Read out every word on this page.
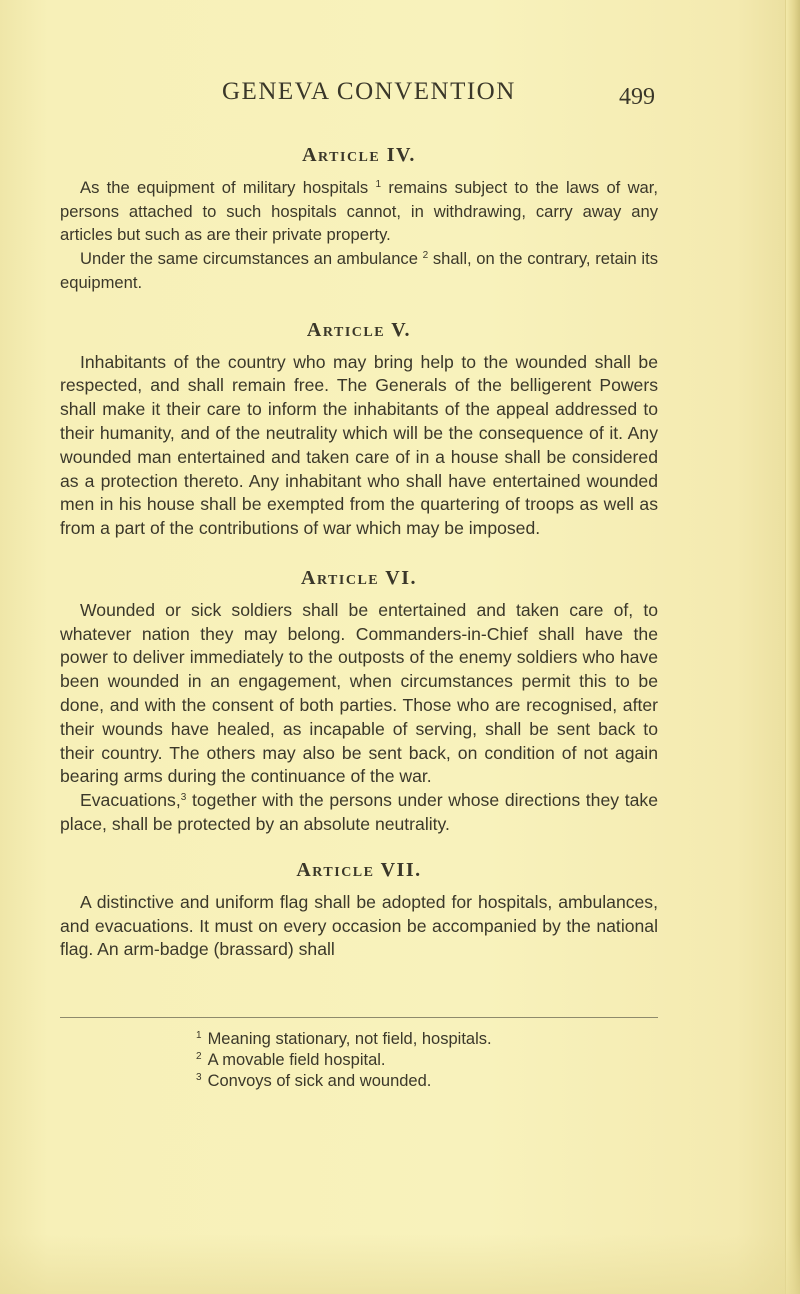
GENEVA CONVENTION	499
Article IV.

As the equipment of military hospitals $^1$ remains subject to the laws of war, persons attached to such hospitals cannot, in withdrawing, carry away any articles but such as are their private property.

Under the same circumstances an ambulance $^2$ shall, on the contrary, retain its equipment.

Article V.

Inhabitants of the country who may bring help to the wounded shall be respected, and shall remain free. The Generals of the belligerent Powers shall make it their care to inform the inhabitants of the appeal addressed to their humanity, and of the neutrality which will be the consequence of it. Any wounded man entertained and taken care of in a house shall be considered as a protection thereto. Any inhabitant who shall have entertained wounded men in his house shall be exempted from the quartering of troops as well as from a part of the contributions of war which may be imposed.

Article VI.

Wounded or sick soldiers shall be entertained and taken care of, to whatever nation they may belong. Commanders-in-Chief shall have the power to deliver immediately to the outposts of the enemy soldiers who have been wounded in an engagement, when circumstances permit this to be done, and with the consent of both parties. Those who are recognised, after their wounds have healed, as incapable of serving, shall be sent back to their country. The others may also be sent back, on condition of not again bearing arms during the continuance of the war.

Evacuations,$^3$ together with the persons under whose directions they take place, shall be protected by an absolute neutrality.

Article VII.

A distinctive and uniform flag shall be adopted for hospitals, ambulances, and evacuations. It must on every occasion be accompanied by the national flag. An arm-badge (brassard) shall

$^1$ Meaning stationary, not field, hospitals.
$^2$ A movable field hospital.
$^3$ Convoys of sick and wounded.
